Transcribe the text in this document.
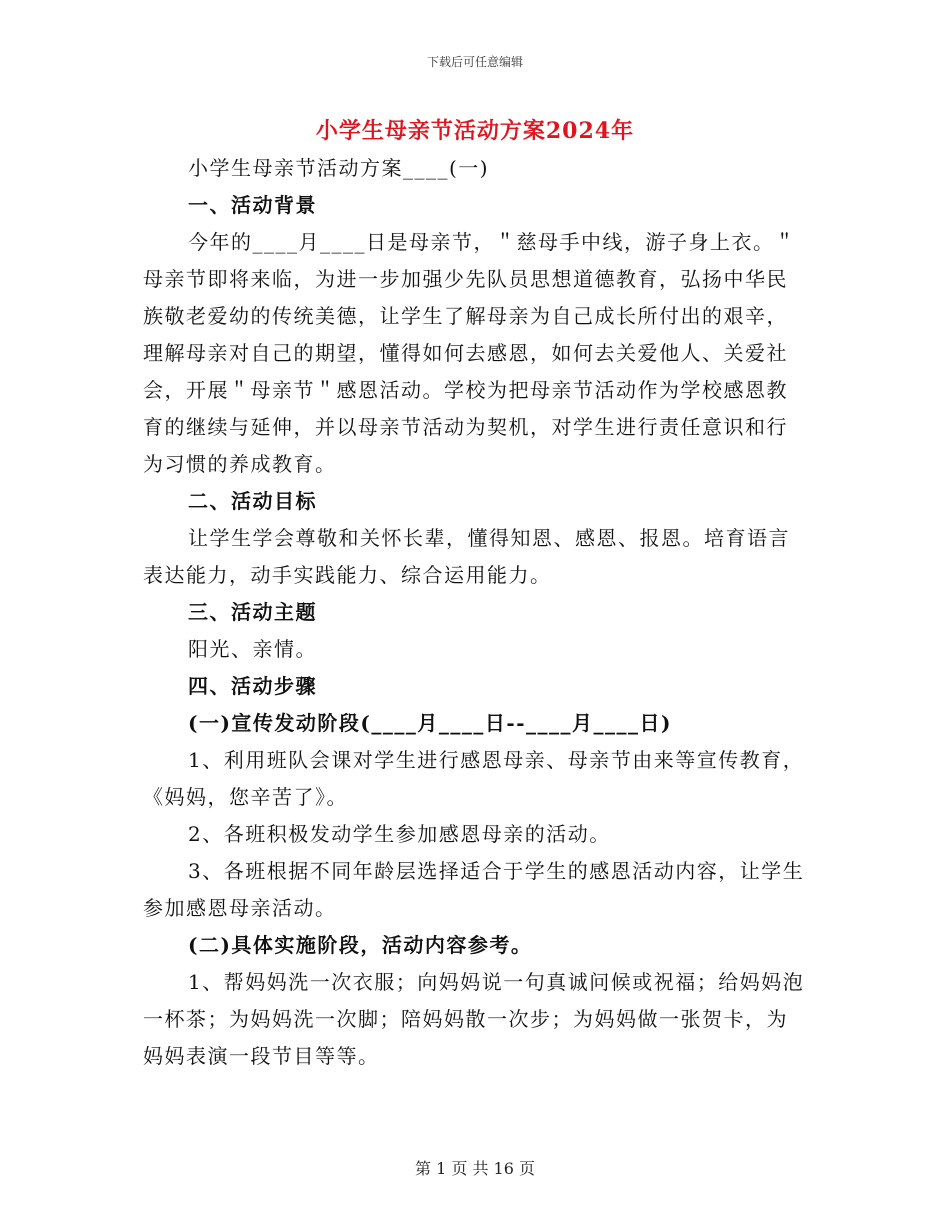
下载后可任意编辑
小学生母亲节活动方案2024年
小学生母亲节活动方案____(一)
一、活动背景
今年的____月____日是母亲节，＂慈母手中线，游子身上衣。＂
母亲节即将来临，为进一步加强少先队员思想道德教育，弘扬中华民
族敬老爱幼的传统美德，让学生了解母亲为自己成长所付出的艰辛，
理解母亲对自己的期望，懂得如何去感恩，如何去关爱他人、关爱社
会，开展＂母亲节＂感恩活动。学校为把母亲节活动作为学校感恩教
育的继续与延伸，并以母亲节活动为契机，对学生进行责任意识和行
为习惯的养成教育。
二、活动目标
让学生学会尊敬和关怀长辈，懂得知恩、感恩、报恩。培育语言
表达能力，动手实践能力、综合运用能力。
三、活动主题
阳光、亲情。
四、活动步骤
(一)宣传发动阶段(____月____日--____月____日)
1、利用班队会课对学生进行感恩母亲、母亲节由来等宣传教育，
《妈妈，您辛苦了》。
2、各班积极发动学生参加感恩母亲的活动。
3、各班根据不同年龄层选择适合于学生的感恩活动内容，让学生
参加感恩母亲活动。
(二)具体实施阶段，活动内容参考。
1、帮妈妈洗一次衣服；向妈妈说一句真诚问候或祝福；给妈妈泡
一杯茶；为妈妈洗一次脚；陪妈妈散一次步；为妈妈做一张贺卡，为
妈妈表演一段节目等等。
第 1 页 共 16 页
